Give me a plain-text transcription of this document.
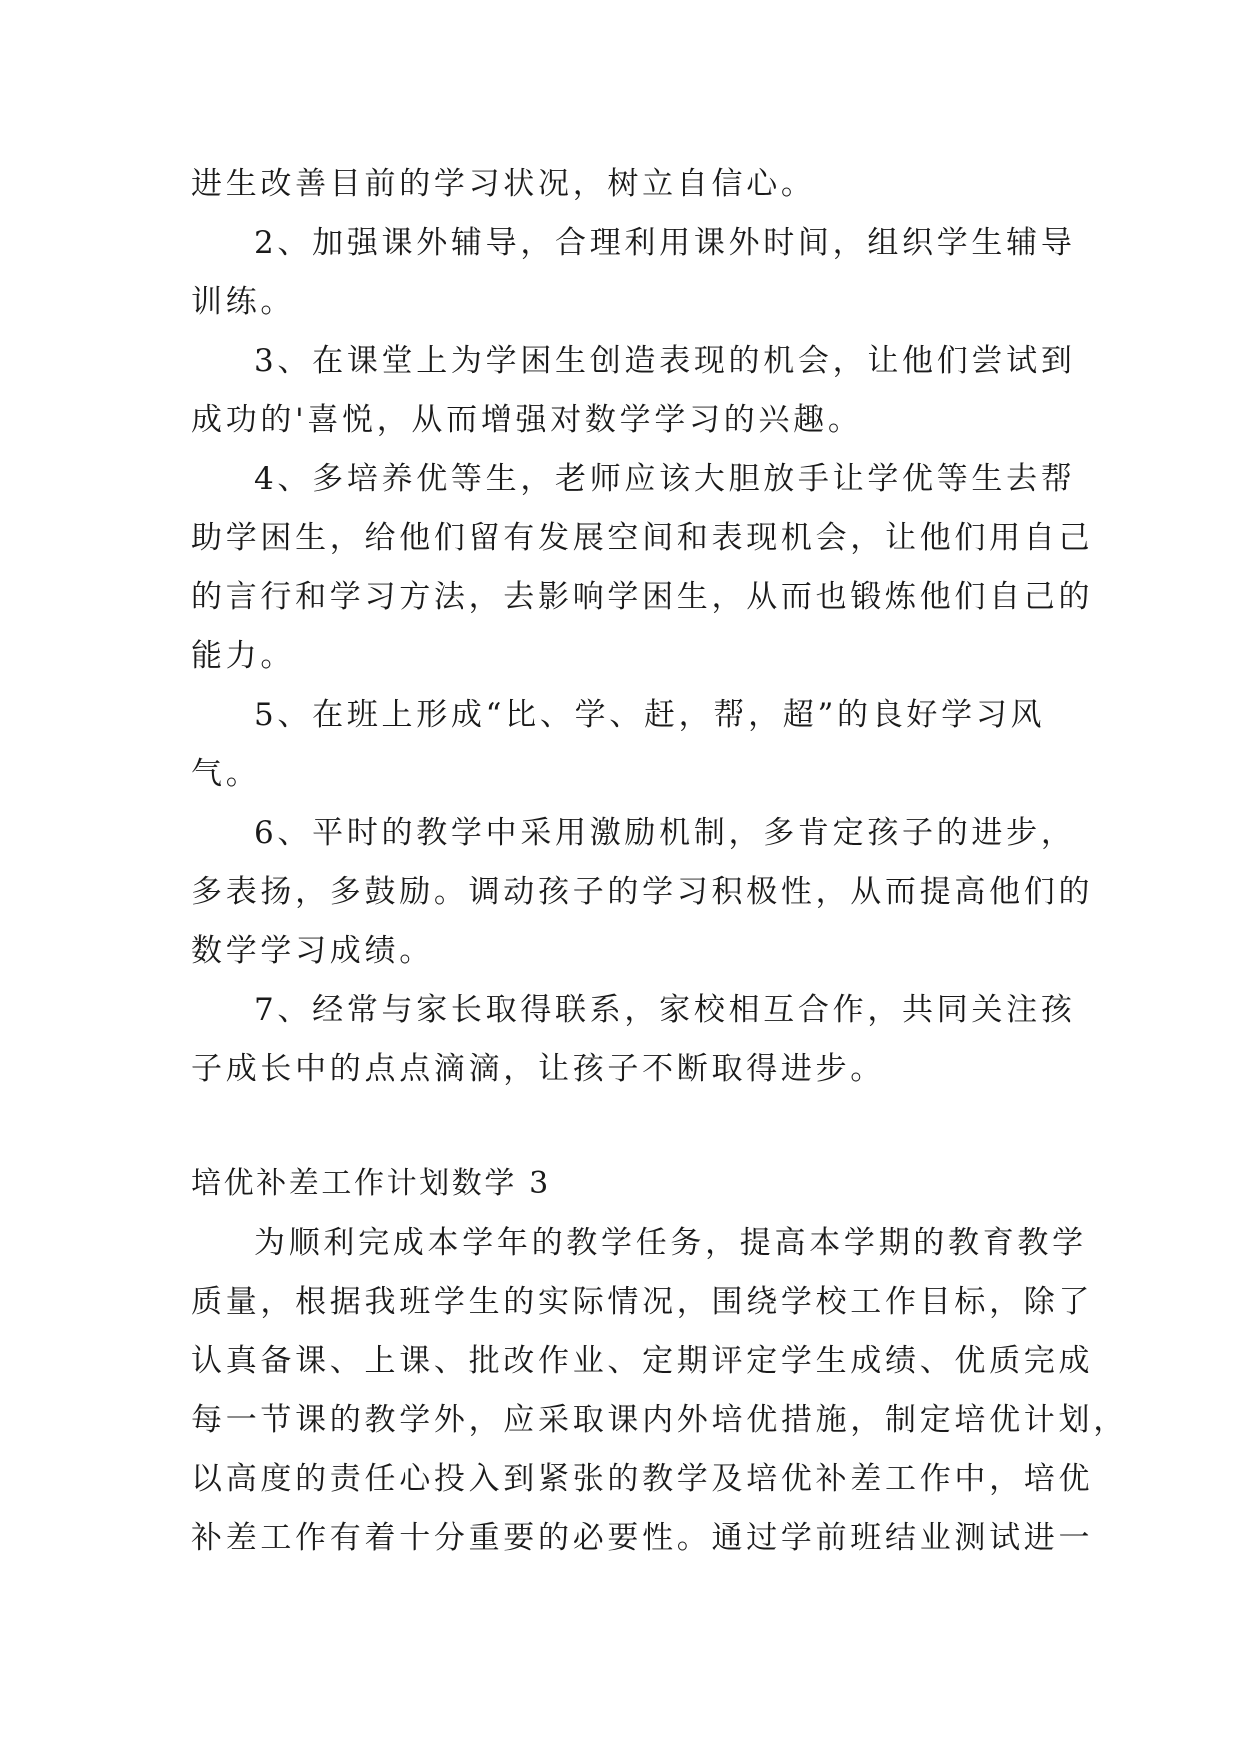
进生改善目前的学习状况，树立自信心。
2、加强课外辅导，合理利用课外时间，组织学生辅导
训练。
3、在课堂上为学困生创造表现的机会，让他们尝试到
成功的'喜悦，从而增强对数学学习的兴趣。
4、多培养优等生，老师应该大胆放手让学优等生去帮
助学困生，给他们留有发展空间和表现机会，让他们用自己
的言行和学习方法，去影响学困生，从而也锻炼他们自己的
能力。
5、在班上形成“比、学、赶，帮，超”的良好学习风
气。
6、平时的教学中采用激励机制，多肯定孩子的进步，
多表扬，多鼓励。调动孩子的学习积极性，从而提高他们的
数学学习成绩。
7、经常与家长取得联系，家校相互合作，共同关注孩
子成长中的点点滴滴，让孩子不断取得进步。
培优补差工作计划数学 3
为顺利完成本学年的教学任务，提高本学期的教育教学
质量，根据我班学生的实际情况，围绕学校工作目标，除了
认真备课、上课、批改作业、定期评定学生成绩、优质完成
每一节课的教学外，应采取课内外培优措施，制定培优计划，
以高度的责任心投入到紧张的教学及培优补差工作中，培优
补差工作有着十分重要的必要性。通过学前班结业测试进一
